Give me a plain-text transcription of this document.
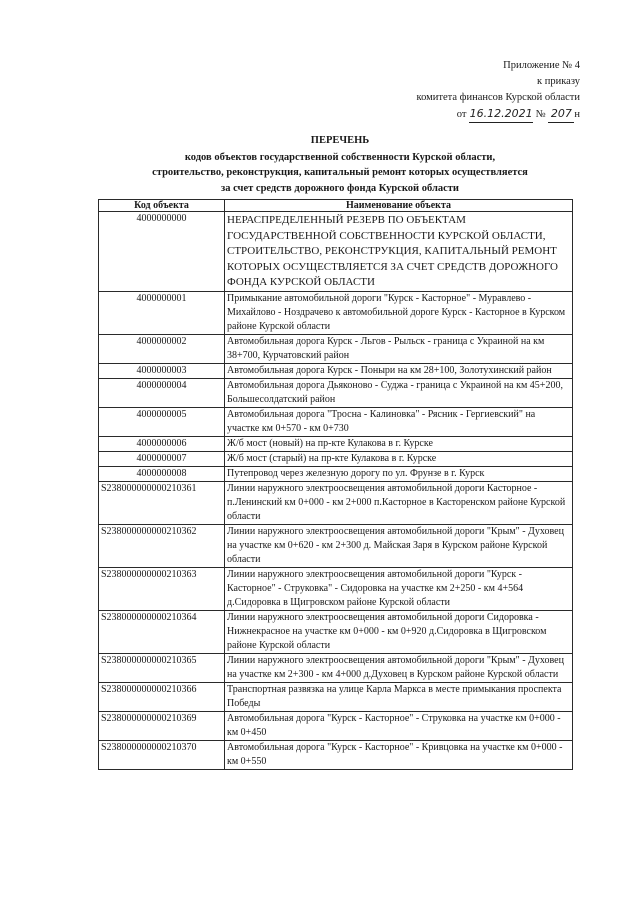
Приложение № 4
к приказу
комитета финансов Курской области
от 16.12.2021 № 207 н
ПЕРЕЧЕНЬ
кодов объектов государственной собственности Курской области,
строительство, реконструкция, капитальный ремонт которых осуществляется
за счет средств дорожного фонда Курской области
Код объекта	Наименование объекта
4000000000	НЕРАСПРЕДЕЛЕННЫЙ РЕЗЕРВ ПО ОБЪЕКТАМ ГОСУДАРСТВЕННОЙ СОБСТВЕННОСТИ КУРСКОЙ ОБЛАСТИ, СТРОИТЕЛЬСТВО, РЕКОНСТРУКЦИЯ, КАПИТАЛЬНЫЙ РЕМОНТ КОТОРЫХ ОСУЩЕСТВЛЯЕТСЯ ЗА СЧЕТ СРЕДСТВ ДОРОЖНОГО ФОНДА КУРСКОЙ ОБЛАСТИ
4000000001	Примыкание автомобильной дороги "Курск - Касторное" - Муравлево - Михайлово - Ноздрачево к автомобильной дороге Курск - Касторное в Курском районе Курской области
4000000002	Автомобильная дорога Курск - Льгов - Рыльск - граница с Украиной на км 38+700, Курчатовский район
4000000003	Автомобильная дорога Курск - Поныри на км 28+100, Золотухинский район
4000000004	Автомобильная дорога Дьяконово - Суджа - граница с Украиной на км 45+200, Большесолдатский район
4000000005	Автомобильная дорога "Тросна - Калиновка" - Рясник - Гергиевский" на участке км 0+570 - км 0+730
4000000006	Ж/б мост (новый) на пр-кте Кулакова в г. Курске
4000000007	Ж/б мост (старый) на пр-кте Кулакова в г. Курске
4000000008	Путепровод через железную дорогу по ул. Фрунзе в г. Курск
S238000000000210361	Линии наружного электроосвещения автомобильной дороги Касторное - п.Ленинский км 0+000 - км 2+000 п.Касторное в Касторенском районе Курской области
S238000000000210362	Линии наружного электроосвещения автомобильной дороги "Крым" - Духовец на участке км 0+620 - км 2+300 д. Майская Заря в Курском районе Курской области
S238000000000210363	Линии наружного электроосвещения автомобильной дороги "Курск - Касторное" - Струковка" - Сидоровка на участке км 2+250 - км 4+564 д.Сидоровка в Щигровском районе Курской области
S238000000000210364	Линии наружного электроосвещения автомобильной дороги Сидоровка - Нижнекрасное на участке км 0+000 - км 0+920 д.Сидоровка в Щигровском районе Курской области
S238000000000210365	Линии наружного электроосвещения автомобильной дороги "Крым" - Духовец на участке км 2+300 - км 4+000 д.Духовец в Курском районе Курской области
S238000000000210366	Транспортная развязка на улице Карла Маркса в месте примыкания проспекта Победы
S238000000000210369	Автомобильная дорога "Курск - Касторное" - Струковка на участке км 0+000 - км 0+450
S238000000000210370	Автомобильная дорога "Курск - Касторное" - Кривцовка на участке км 0+000 - км 0+550
